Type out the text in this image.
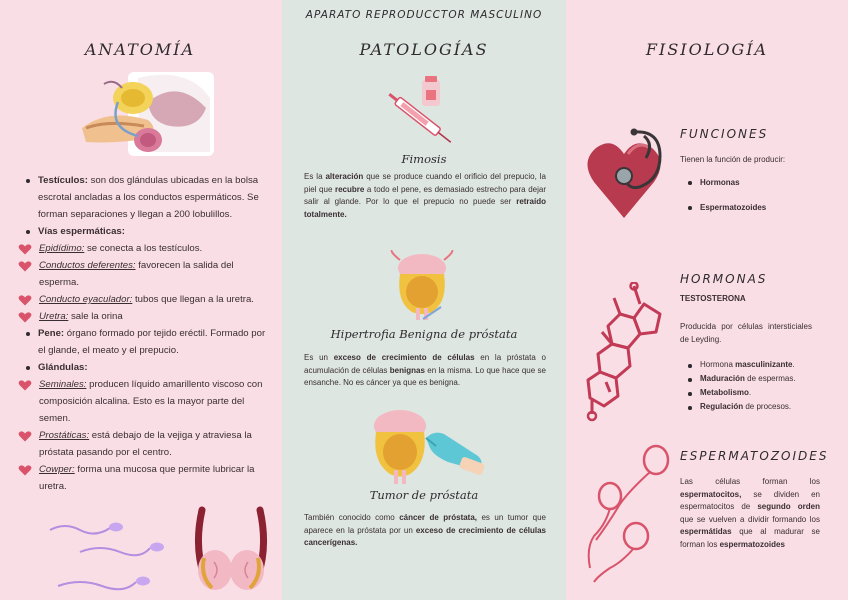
APARATO REPRODUCCTOR MASCULINO
ANATOMÍA
Testículos: son dos glándulas ubicadas en la bolsa escrotal ancladas a los conductos espermáticos. Se forman separaciones y llegan a 200 lobulillos.
Vías espermáticas:
Epidídimo: se conecta a los testículos.
Conductos deferentes: favorecen la salida del esperma.
Conducto eyaculador: tubos que llegan a la uretra.
Uretra: sale la orina
Pene: órgano formado por tejido eréctil. Formado por el glande, el meato y el prepucio.
Glándulas:
Seminales: producen líquido amarillento viscoso con composición alcalina. Esto es la mayor parte del semen.
Prostáticas: está debajo de la vejiga y atraviesa la próstata pasando por el centro.
Cowper: forma una mucosa que permite lubricar la uretra.
PATOLOGÍAS
Fimosis
Es la alteración que se produce cuando el orificio del prepucio, la piel que recubre a todo el pene, es demasiado estrecho para dejar salir al glande. Por lo que el prepucio no puede ser retraído totalmente.
Hipertrofia Benigna de próstata
Es un exceso de crecimiento de células en la próstata o acumulación de células benignas en la misma. Lo que hace que se ensanche. No es cáncer ya que es benigna.
Tumor de próstata
También conocido como cáncer de próstata, es un tumor que aparece en la próstata por un exceso de crecimiento de células cancerígenas.
FISIOLOGÍA
FUNCIONES
Tienen la función de producir:
Hormonas
Espermatozoides
HORMONAS
TESTOSTERONA
Producida por células intersticiales de Leyding.
Hormona masculinizante.
Maduración de espermas.
Metabolismo.
Regulación de procesos.
ESPERMATOZOIDES
Las células forman los espermatocitos, se dividen en espermatocitos de segundo orden que se vuelven a dividir formando los espermátidas que al madurar se forman los espermatozoides
